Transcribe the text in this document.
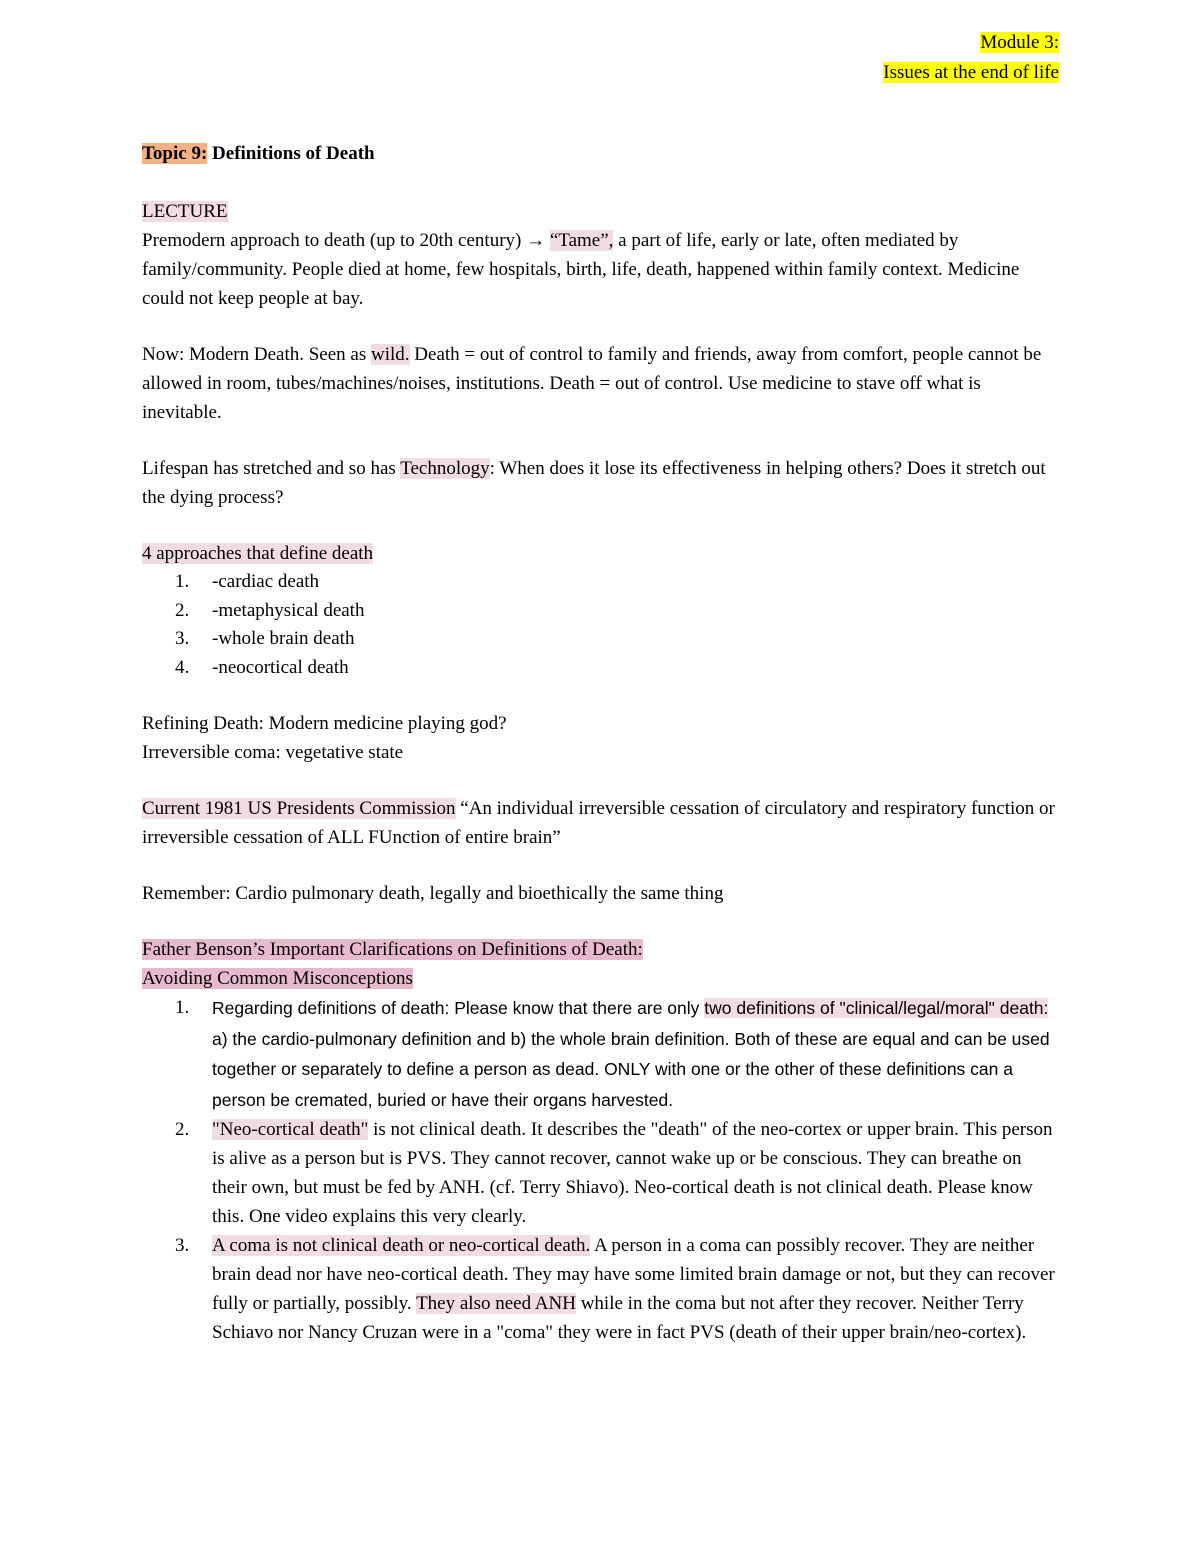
Module 3:
Issues at the end of life

Topic 9: Definitions of Death

LECTURE

Premodern approach to death (up to 20th century) → “Tame”, a part of life, early or late, often mediated by family/community. People died at home, few hospitals, birth, life, death, happened within family context. Medicine could not keep people at bay.

Now: Modern Death. Seen as wild. Death = out of control to family and friends, away from comfort, people cannot be allowed in room, tubes/machines/noises, institutions. Death = out of control. Use medicine to stave off what is inevitable.

Lifespan has stretched and so has Technology: When does it lose its effectiveness in helping others? Does it stretch out the dying process?

4 approaches that define death

1. -cardiac death
2. -metaphysical death
3. -whole brain death
4. -neocortical death

Refining Death: Modern medicine playing god?

Irreversible coma: vegetative state

Current 1981 US Presidents Commission “An individual irreversible cessation of circulatory and respiratory function or irreversible cessation of ALL FUnction of entire brain”

Remember: Cardio pulmonary death, legally and bioethically the same thing

Father Benson’s Important Clarifications on Definitions of Death:

Avoiding Common Misconceptions

1. Regarding definitions of death: Please know that there are only two definitions of "clinical/legal/moral" death: a) the cardio-pulmonary definition and b) the whole brain definition. Both of these are equal and can be used together or separately to define a person as dead. ONLY with one or the other of these definitions can a person be cremated, buried or have their organs harvested.
2. "Neo-cortical death" is not clinical death. It describes the "death" of the neo-cortex or upper brain. This person is alive as a person but is PVS. They cannot recover, cannot wake up or be conscious. They can breathe on their own, but must be fed by ANH. (cf. Terry Shiavo). Neo-cortical death is not clinical death. Please know this. One video explains this very clearly.
3. A coma is not clinical death or neo-cortical death. A person in a coma can possibly recover. They are neither brain dead nor have neo-cortical death. They may have some limited brain damage or not, but they can recover fully or partially, possibly. They also need ANH while in the coma but not after they recover. Neither Terry Schiavo nor Nancy Cruzan were in a "coma" they were in fact PVS (death of their upper brain/neo-cortex).
